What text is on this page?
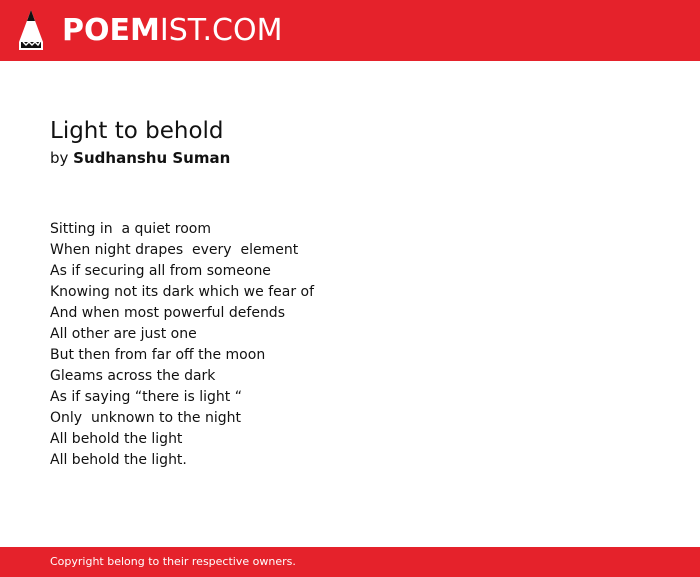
POEMIST.COM
Light to behold
by Sudhanshu Suman
Sitting in  a quiet room
When night drapes  every  element
As if securing all from someone
Knowing not its dark which we fear of
And when most powerful defends
All other are just one
But then from far off the moon
Gleams across the dark
As if saying “there is light “
Only  unknown to the night
All behold the light
All behold the light.
Copyright belong to their respective owners.
